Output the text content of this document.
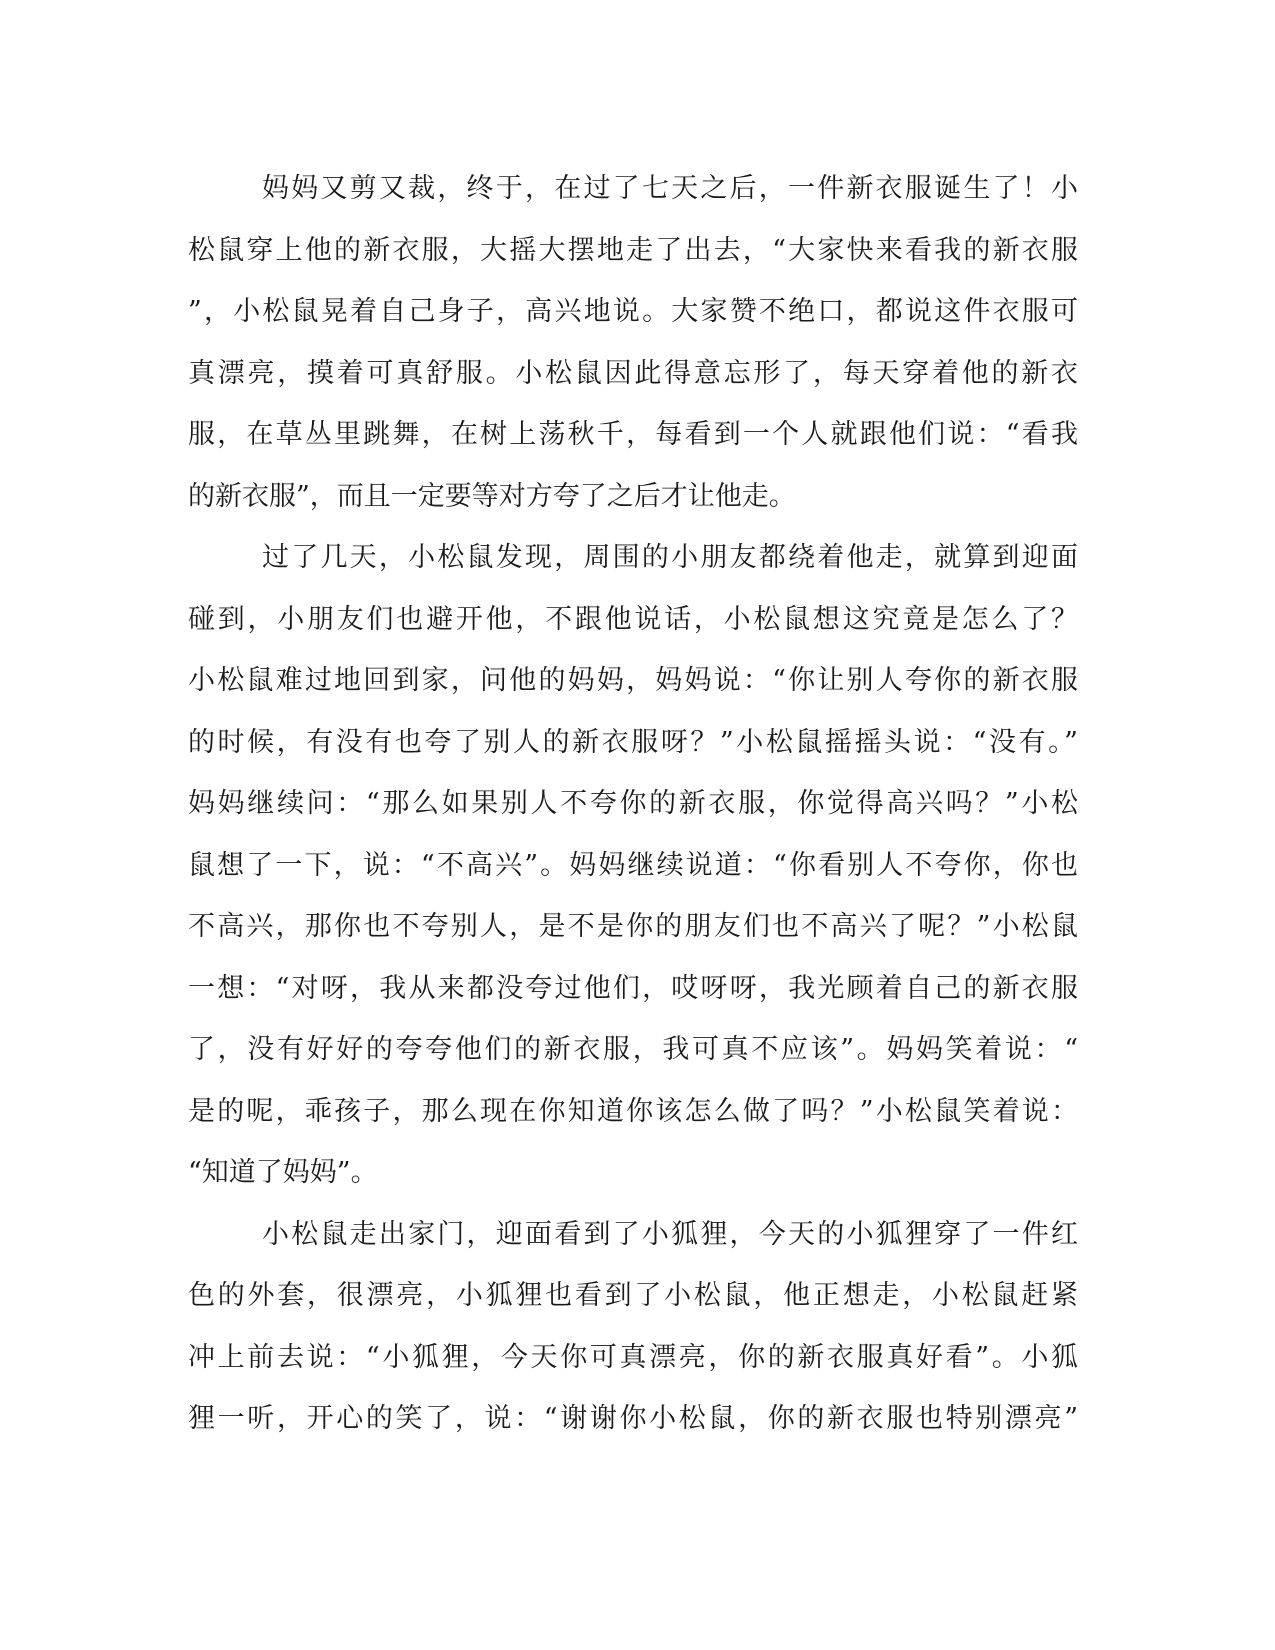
妈妈又剪又裁，终于，在过了七天之后，一件新衣服诞生了！小
松鼠穿上他的新衣服，大摇大摆地走了出去，“大家快来看我的新衣服
”，小松鼠晃着自己身子，高兴地说。大家赞不绝口，都说这件衣服可
真漂亮，摸着可真舒服。小松鼠因此得意忘形了，每天穿着他的新衣
服，在草丛里跳舞，在树上荡秋千，每看到一个人就跟他们说：“看我
的新衣服”，而且一定要等对方夸了之后才让他走。
过了几天，小松鼠发现，周围的小朋友都绕着他走，就算到迎面
碰到，小朋友们也避开他，不跟他说话，小松鼠想这究竟是怎么了？
小松鼠难过地回到家，问他的妈妈，妈妈说：“你让别人夸你的新衣服
的时候，有没有也夸了别人的新衣服呀？”小松鼠摇摇头说：“没有。”
妈妈继续问：“那么如果别人不夸你的新衣服，你觉得高兴吗？”小松
鼠想了一下，说：“不高兴”。妈妈继续说道：“你看别人不夸你，你也
不高兴，那你也不夸别人，是不是你的朋友们也不高兴了呢？”小松鼠
一想：“对呀，我从来都没夸过他们，哎呀呀，我光顾着自己的新衣服
了，没有好好的夸夸他们的新衣服，我可真不应该”。妈妈笑着说：“
是的呢，乖孩子，那么现在你知道你该怎么做了吗？”小松鼠笑着说：
“知道了妈妈”。
小松鼠走出家门，迎面看到了小狐狸，今天的小狐狸穿了一件红
色的外套，很漂亮，小狐狸也看到了小松鼠，他正想走，小松鼠赶紧
冲上前去说：“小狐狸，今天你可真漂亮，你的新衣服真好看”。小狐
狸一听，开心的笑了，说：“谢谢你小松鼠，你的新衣服也特别漂亮”
